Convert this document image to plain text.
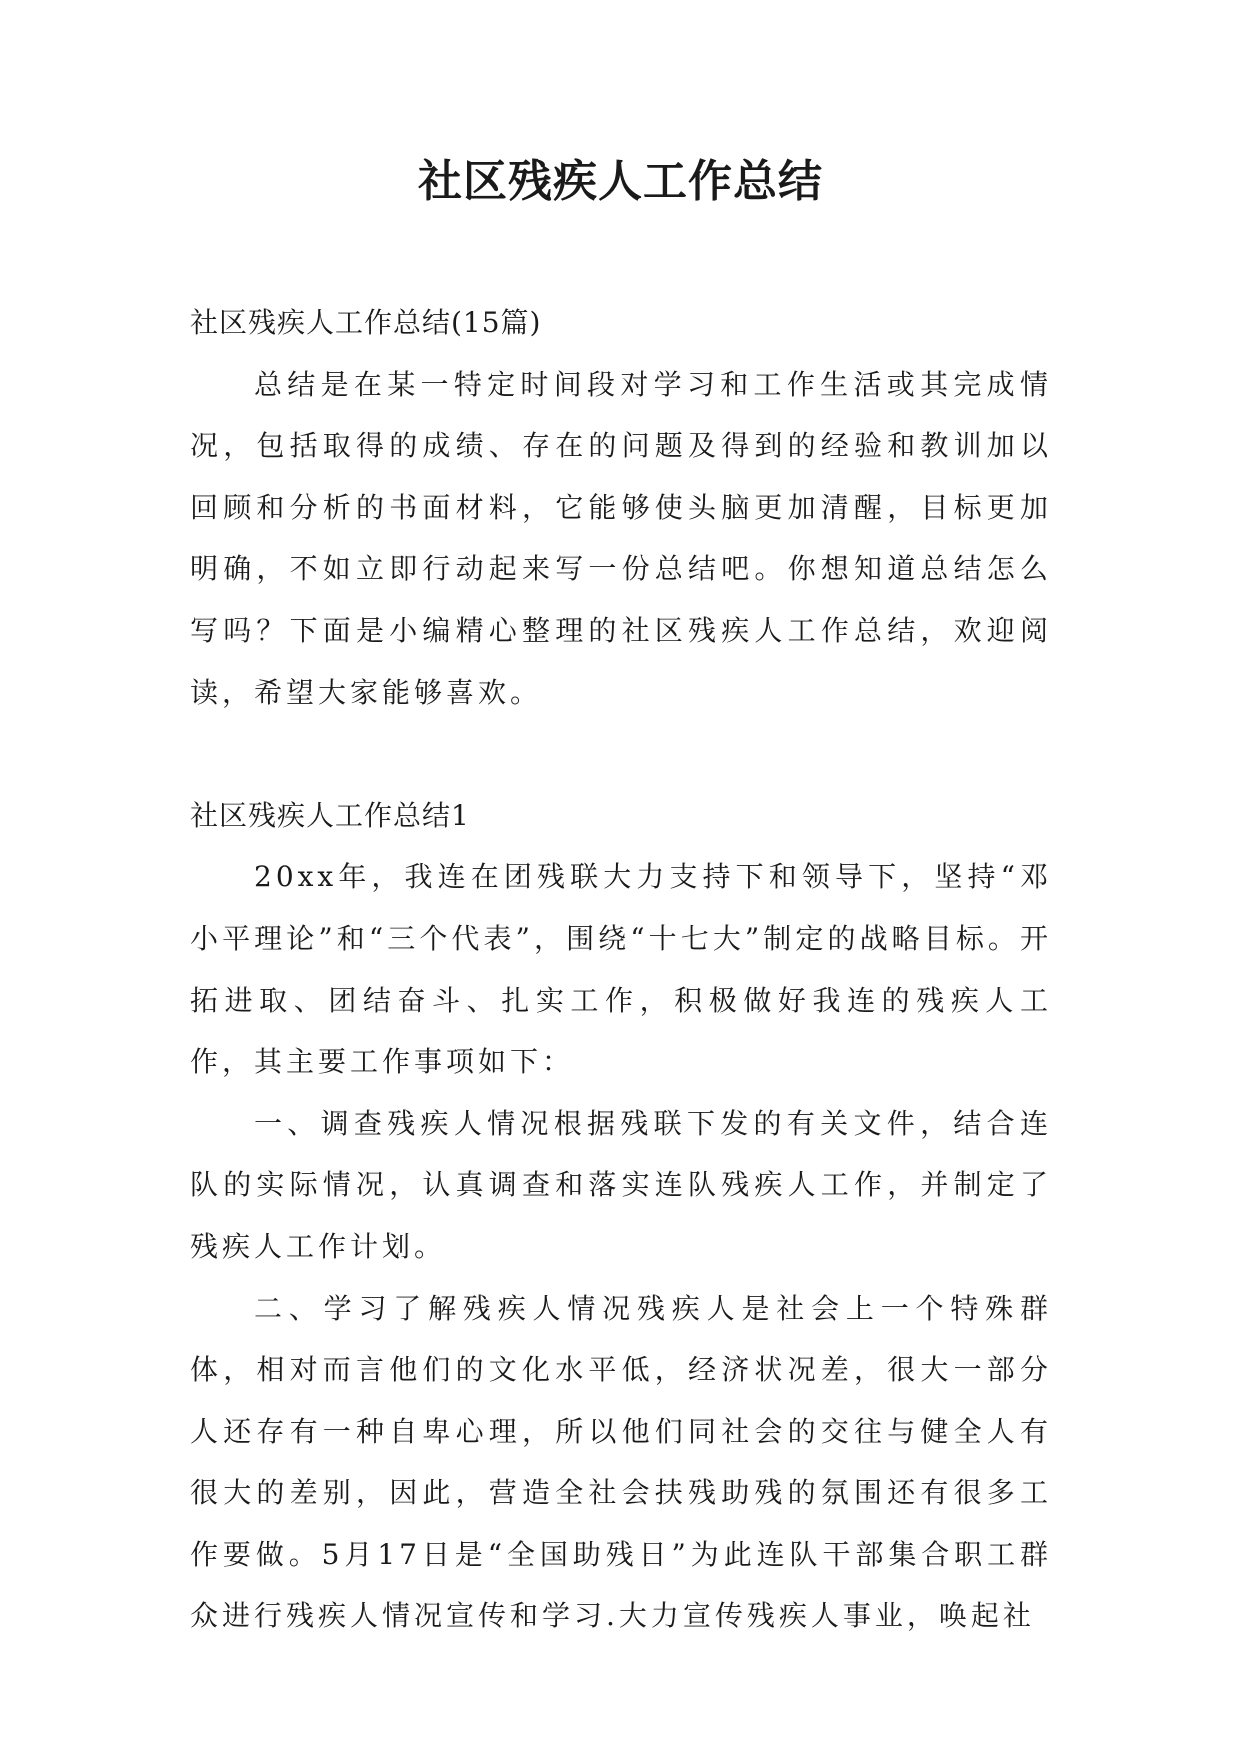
社区残疾人工作总结

社区残疾人工作总结(15篇)

总结是在某一特定时间段对学习和工作生活或其完成情况，包括取得的成绩、存在的问题及得到的经验和教训加以回顾和分析的书面材料，它能够使头脑更加清醒，目标更加明确，不如立即行动起来写一份总结吧。你想知道总结怎么写吗？下面是小编精心整理的社区残疾人工作总结，欢迎阅读，希望大家能够喜欢。

社区残疾人工作总结1

20xx年，我连在团残联大力支持下和领导下，坚持“邓小平理论”和“三个代表”，围绕“十七大”制定的战略目标。开拓进取、团结奋斗、扎实工作，积极做好我连的残疾人工作，其主要工作事项如下：

一、调查残疾人情况根据残联下发的有关文件，结合连队的实际情况，认真调查和落实连队残疾人工作，并制定了残疾人工作计划。

二、学习了解残疾人情况残疾人是社会上一个特殊群体，相对而言他们的文化水平低，经济状况差，很大一部分人还存有一种自卑心理，所以他们同社会的交往与健全人有很大的差别，因此，营造全社会扶残助残的氛围还有很多工作要做。5月17日是“全国助残日”为此连队干部集合职工群众进行残疾人情况宣传和学习.大力宣传残疾人事业，唤起社
